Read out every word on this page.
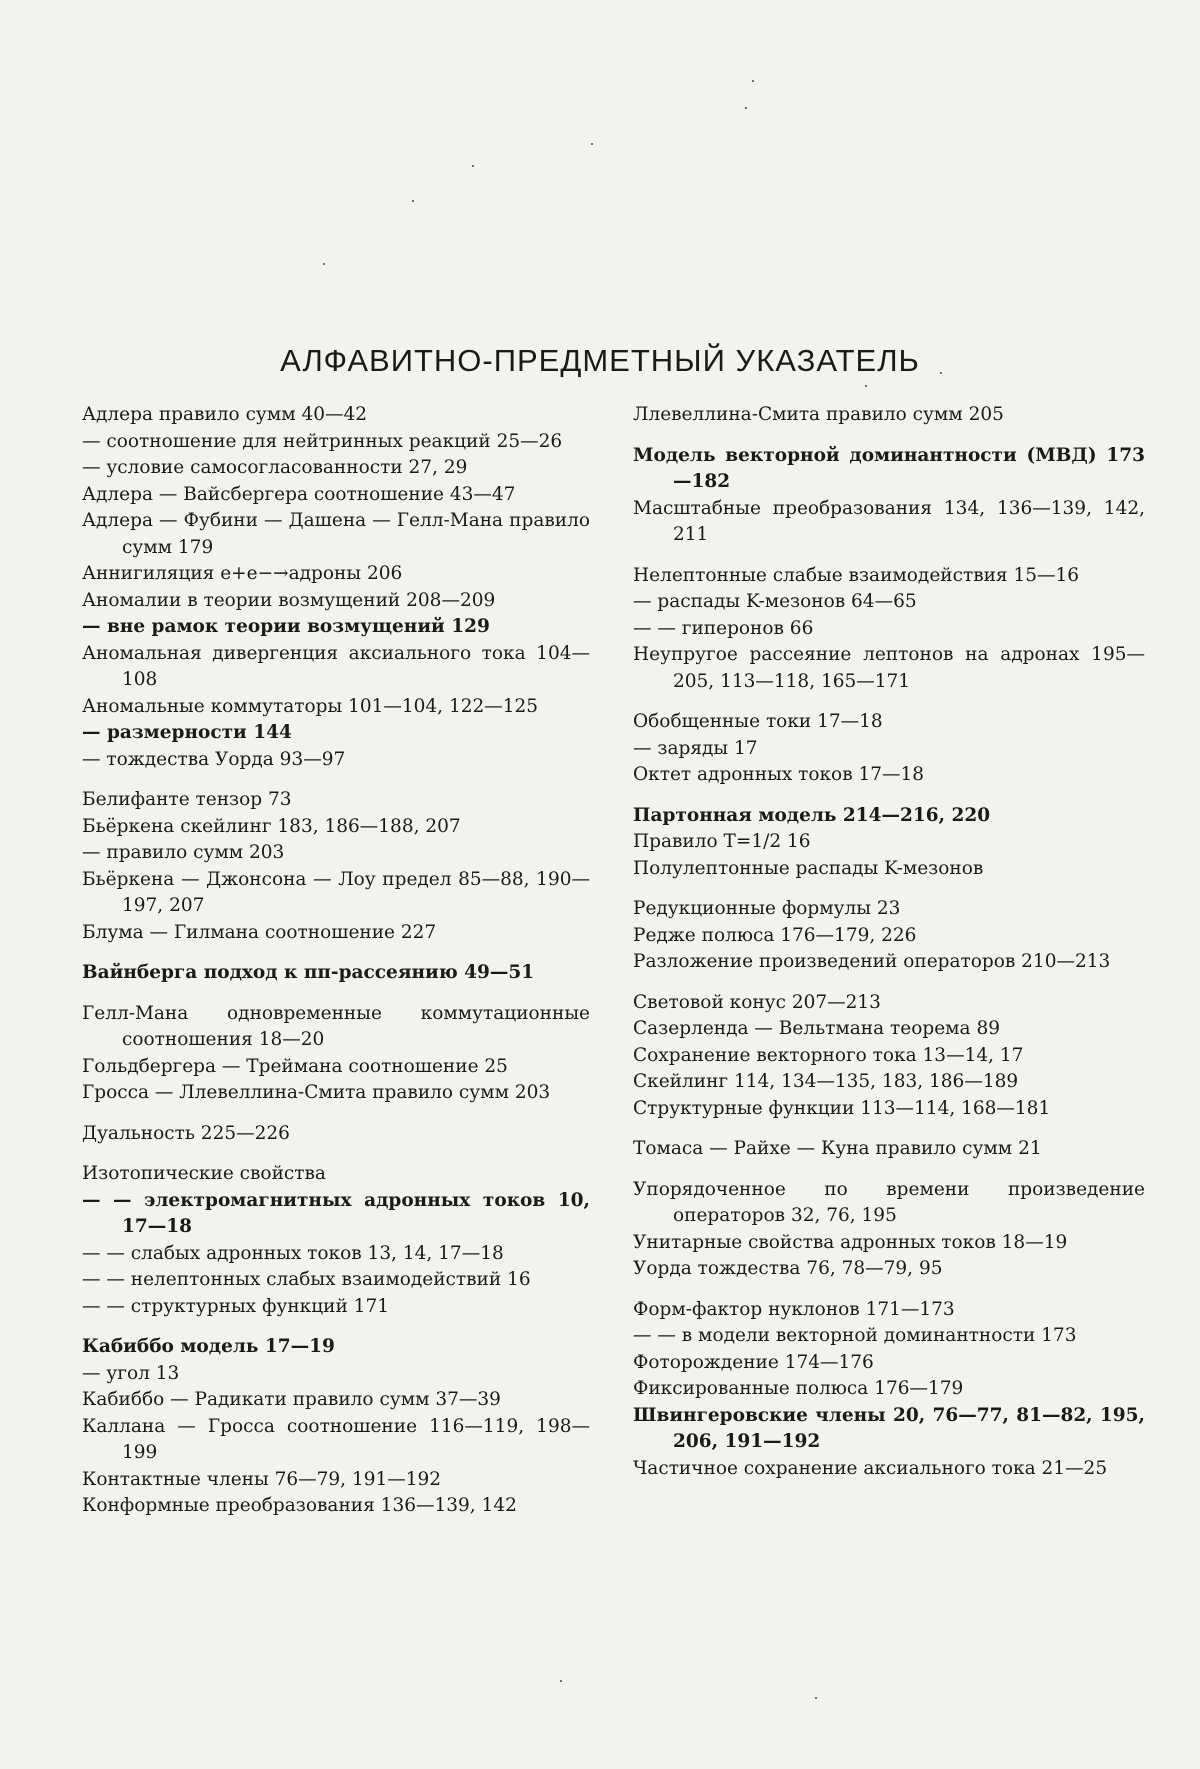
АЛФАВИТНО-ПРЕДМЕТНЫЙ УКАЗАТЕЛЬ
Адлера правило сумм 40—42
— соотношение для нейтринных реакций 25—26
— условие самосогласованности 27, 29
Адлера — Вайсбергера соотношение 43—47
Адлера — Фубини — Дашена — Гелл-Мана правило сумм 179
Аннигиляция e+e−→адроны 206
Аномалии в теории возмущений 208—209
— вне рамок теории возмущений 129
Аномальная дивергенция аксиального тока 104—108
Аномальные коммутаторы 101—104, 122—125
— размерности 144
— тождества Уорда 93—97
Белифанте тензор 73
Бьёркена скейлинг 183, 186—188, 207
— правило сумм 203
Бьёркена — Джонсона — Лоу предел 85—88, 190—197, 207
Блума — Гилмана соотношение 227
Вайнберга подход к ππ-рассеянию 49—51
Гелл-Мана одновременные коммутационные соотношения 18—20
Гольдбергера — Треймана соотношение 25
Гросса — Ллевеллина-Смита правило сумм 203
Дуальность 225—226
Изотопические свойства
— — электромагнитных адронных токов 10, 17—18
— — слабых адронных токов 13, 14, 17—18
— — нелептонных слабых взаимодействий 16
— — структурных функций 171
Кабиббо модель 17—19
— угол 13
Кабиббо — Радикати правило сумм 37—39
Каллана — Гросса соотношение 116—119, 198—199
Контактные члены 76—79, 191—192
Конформные преобразования 136—139, 142
Ллевеллина-Смита правило сумм 205
Модель векторной доминантности (МВД) 173—182
Масштабные преобразования 134, 136—139, 142, 211
Нелептонные слабые взаимодействия 15—16
— распады K-мезонов 64—65
— — гиперонов 66
Неупругое рассеяние лептонов на адронах 195—205, 113—118, 165—171
Обобщенные токи 17—18
— заряды 17
Октет адронных токов 17—18
Партонная модель 214—216, 220
Правило T=1/2 16
Полулептонные распады K-мезонов
Редукционные формулы 23
Редже полюса 176—179, 226
Разложение произведений операторов 210—213
Световой конус 207—213
Сазерленда — Вельтмана теорема 89
Сохранение векторного тока 13—14, 17
Скейлинг 114, 134—135, 183, 186—189
Структурные функции 113—114, 168—181
Томаса — Райхе — Куна правило сумм 21
Упорядоченное по времени произведение операторов 32, 76, 195
Унитарные свойства адронных токов 18—19
Уорда тождества 76, 78—79, 95
Форм-фактор нуклонов 171—173
— — в модели векторной доминантности 173
Фоторождение 174—176
Фиксированные полюса 176—179
Швингеровские члены 20, 76—77, 81—82, 195, 206, 191—192
Частичное сохранение аксиального тока 21—25
